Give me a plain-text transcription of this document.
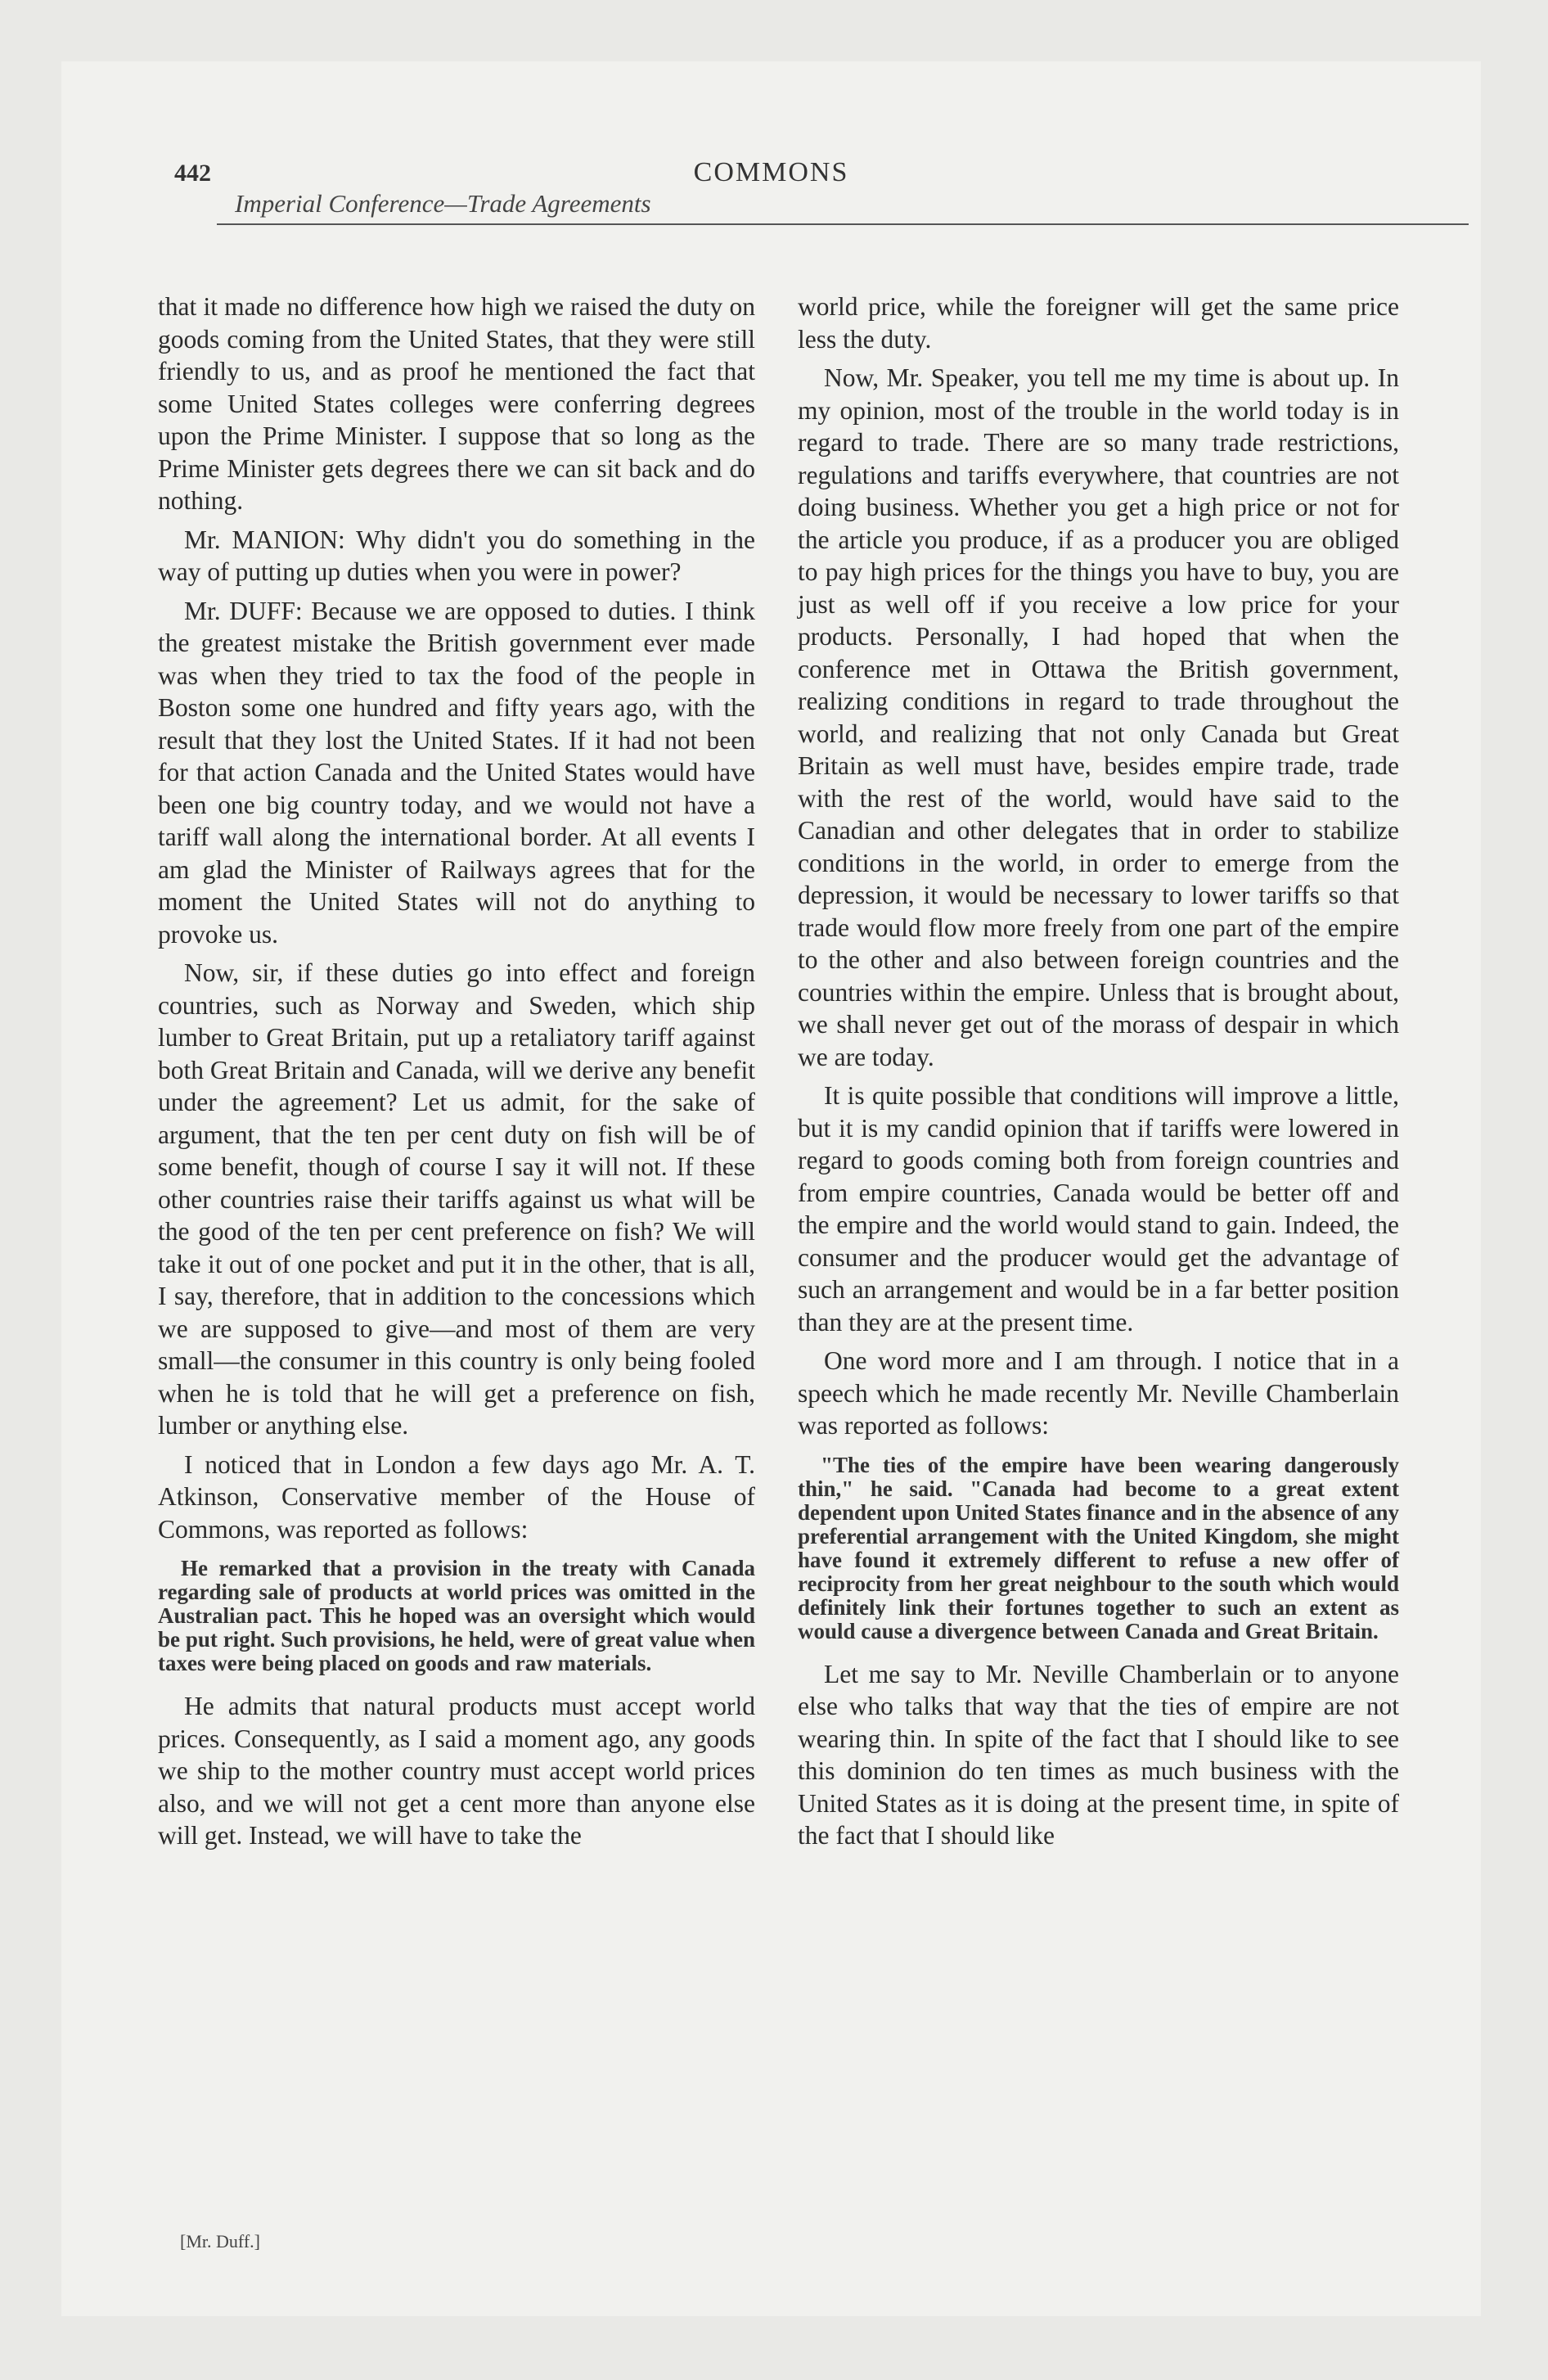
442	COMMONS
Imperial Conference—Trade Agreements

that it made no difference how high we raised the duty on goods coming from the United States, that they were still friendly to us, and as proof he mentioned the fact that some United States colleges were conferring degrees upon the Prime Minister. I suppose that so long as the Prime Minister gets degrees there we can sit back and do nothing.

Mr. MANION: Why didn't you do something in the way of putting up duties when you were in power?

Mr. DUFF: Because we are opposed to duties. I think the greatest mistake the British government ever made was when they tried to tax the food of the people in Boston some one hundred and fifty years ago, with the result that they lost the United States. If it had not been for that action Canada and the United States would have been one big country today, and we would not have a tariff wall along the international border. At all events I am glad the Minister of Railways agrees that for the moment the United States will not do anything to provoke us.

Now, sir, if these duties go into effect and foreign countries, such as Norway and Sweden, which ship lumber to Great Britain, put up a retaliatory tariff against both Great Britain and Canada, will we derive any benefit under the agreement? Let us admit, for the sake of argument, that the ten per cent duty on fish will be of some benefit, though of course I say it will not. If these other countries raise their tariffs against us what will be the good of the ten per cent preference on fish? We will take it out of one pocket and put it in the other, that is all, I say, therefore, that in addition to the concessions which we are supposed to give—and most of them are very small—the consumer in this country is only being fooled when he is told that he will get a preference on fish, lumber or anything else.

I noticed that in London a few days ago Mr. A. T. Atkinson, Conservative member of the House of Commons, was reported as follows:

He remarked that a provision in the treaty with Canada regarding sale of products at world prices was omitted in the Australian pact. This he hoped was an oversight which would be put right. Such provisions, he held, were of great value when taxes were being placed on goods and raw materials.

He admits that natural products must accept world prices. Consequently, as I said a moment ago, any goods we ship to the mother country must accept world prices also, and we will not get a cent more than anyone else will get. Instead, we will have to take the

world price, while the foreigner will get the same price less the duty.

Now, Mr. Speaker, you tell me my time is about up. In my opinion, most of the trouble in the world today is in regard to trade. There are so many trade restrictions, regulations and tariffs everywhere, that countries are not doing business. Whether you get a high price or not for the article you produce, if as a producer you are obliged to pay high prices for the things you have to buy, you are just as well off if you receive a low price for your products. Personally, I had hoped that when the conference met in Ottawa the British government, realizing conditions in regard to trade throughout the world, and realizing that not only Canada but Great Britain as well must have, besides empire trade, trade with the rest of the world, would have said to the Canadian and other delegates that in order to stabilize conditions in the world, in order to emerge from the depression, it would be necessary to lower tariffs so that trade would flow more freely from one part of the empire to the other and also between foreign countries and the countries within the empire. Unless that is brought about, we shall never get out of the morass of despair in which we are today.

It is quite possible that conditions will improve a little, but it is my candid opinion that if tariffs were lowered in regard to goods coming both from foreign countries and from empire countries, Canada would be better off and the empire and the world would stand to gain. Indeed, the consumer and the producer would get the advantage of such an arrangement and would be in a far better position than they are at the present time.

One word more and I am through. I notice that in a speech which he made recently Mr. Neville Chamberlain was reported as follows:

"The ties of the empire have been wearing dangerously thin," he said. "Canada had become to a great extent dependent upon United States finance and in the absence of any preferential arrangement with the United Kingdom, she might have found it extremely different to refuse a new offer of reciprocity from her great neighbour to the south which would definitely link their fortunes together to such an extent as would cause a divergence between Canada and Great Britain.

Let me say to Mr. Neville Chamberlain or to anyone else who talks that way that the ties of empire are not wearing thin. In spite of the fact that I should like to see this dominion do ten times as much business with the United States as it is doing at the present time, in spite of the fact that I should like

[Mr. Duff.]
